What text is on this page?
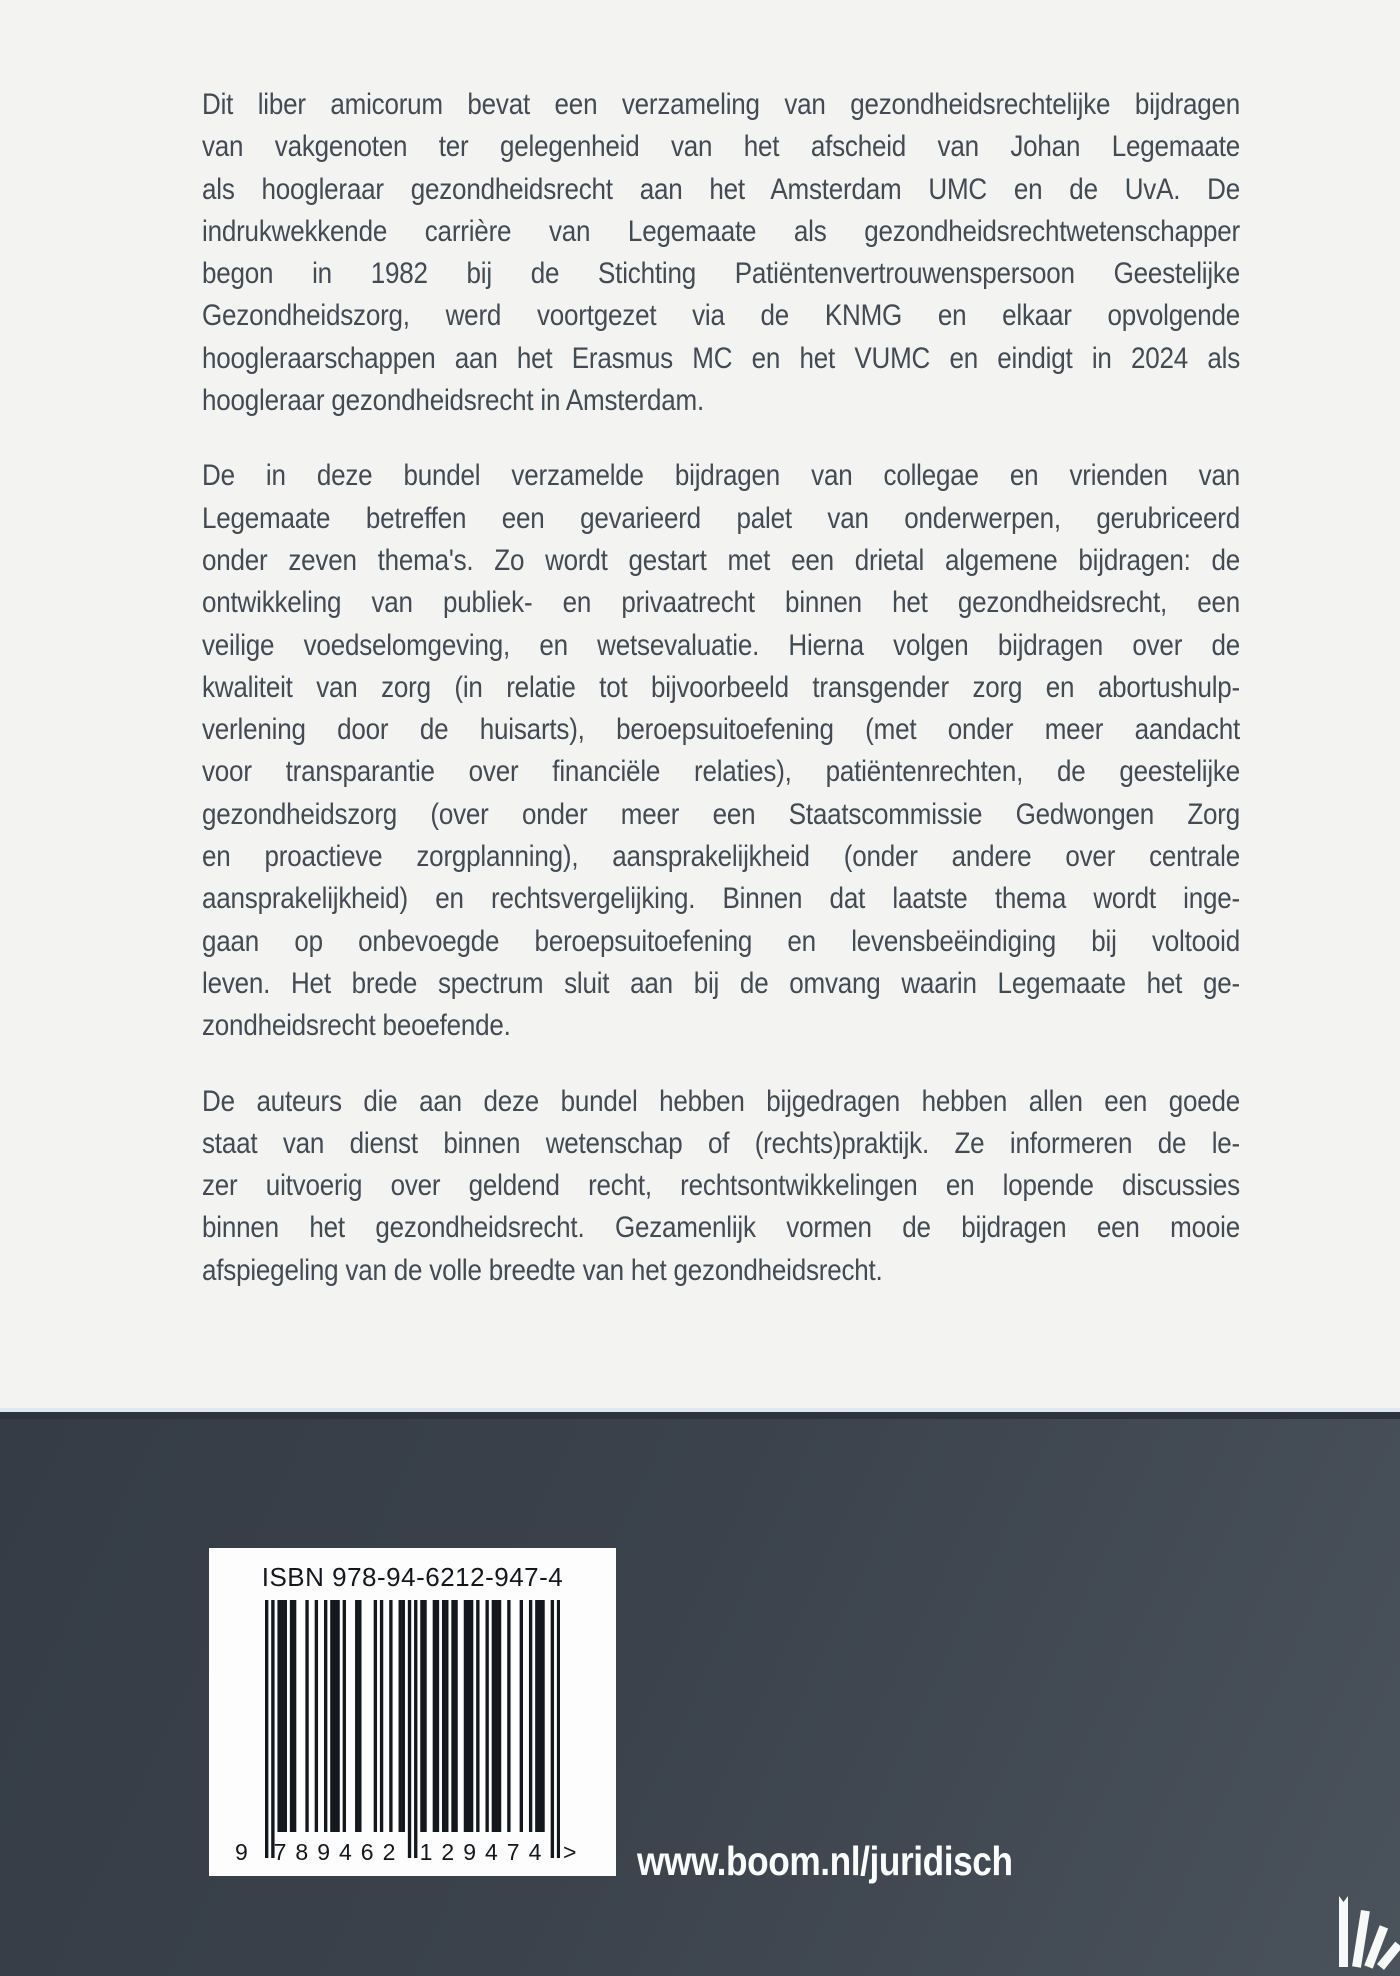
Dit liber amicorum bevat een verzameling van gezondheidsrechtelijke bijdragen
van vakgenoten ter gelegenheid van het afscheid van Johan Legemaate
als hoogleraar gezondheidsrecht aan het Amsterdam UMC en de UvA. De
indrukwekkende carrière van Legemaate als gezondheidsrechtwetenschapper
begon in 1982 bij de Stichting Patiëntenvertrouwenspersoon Geestelijke
Gezondheidszorg, werd voortgezet via de KNMG en elkaar opvolgende
hoogleraarschappen aan het Erasmus MC en het VUMC en eindigt in 2024 als
hoogleraar gezondheidsrecht in Amsterdam.
De in deze bundel verzamelde bijdragen van collegae en vrienden van
Legemaate betreffen een gevarieerd palet van onderwerpen, gerubriceerd
onder zeven thema's. Zo wordt gestart met een drietal algemene bijdragen: de
ontwikkeling van publiek- en privaatrecht binnen het gezondheidsrecht, een
veilige voedselomgeving, en wetsevaluatie. Hierna volgen bijdragen over de
kwaliteit van zorg (in relatie tot bijvoorbeeld transgender zorg en abortushulp-
verlening door de huisarts), beroepsuitoefening (met onder meer aandacht
voor transparantie over financiële relaties), patiëntenrechten, de geestelijke
gezondheidszorg (over onder meer een Staatscommissie Gedwongen Zorg
en proactieve zorgplanning), aansprakelijkheid (onder andere over centrale
aansprakelijkheid) en rechtsvergelijking. Binnen dat laatste thema wordt inge-
gaan op onbevoegde beroepsuitoefening en levensbeëindiging bij voltooid
leven. Het brede spectrum sluit aan bij de omvang waarin Legemaate het ge-
zondheidsrecht beoefende.
De auteurs die aan deze bundel hebben bijgedragen hebben allen een goede
staat van dienst binnen wetenschap of (rechts)praktijk. Ze informeren de le-
zer uitvoerig over geldend recht, rechtsontwikkelingen en lopende discussies
binnen het gezondheidsrecht. Gezamenlijk vormen de bijdragen een mooie
afspiegeling van de volle breedte van het gezondheidsrecht.
ISBN 978-94-6212-947-4
9 789462 129474 > www.boom.nl/juridisch
